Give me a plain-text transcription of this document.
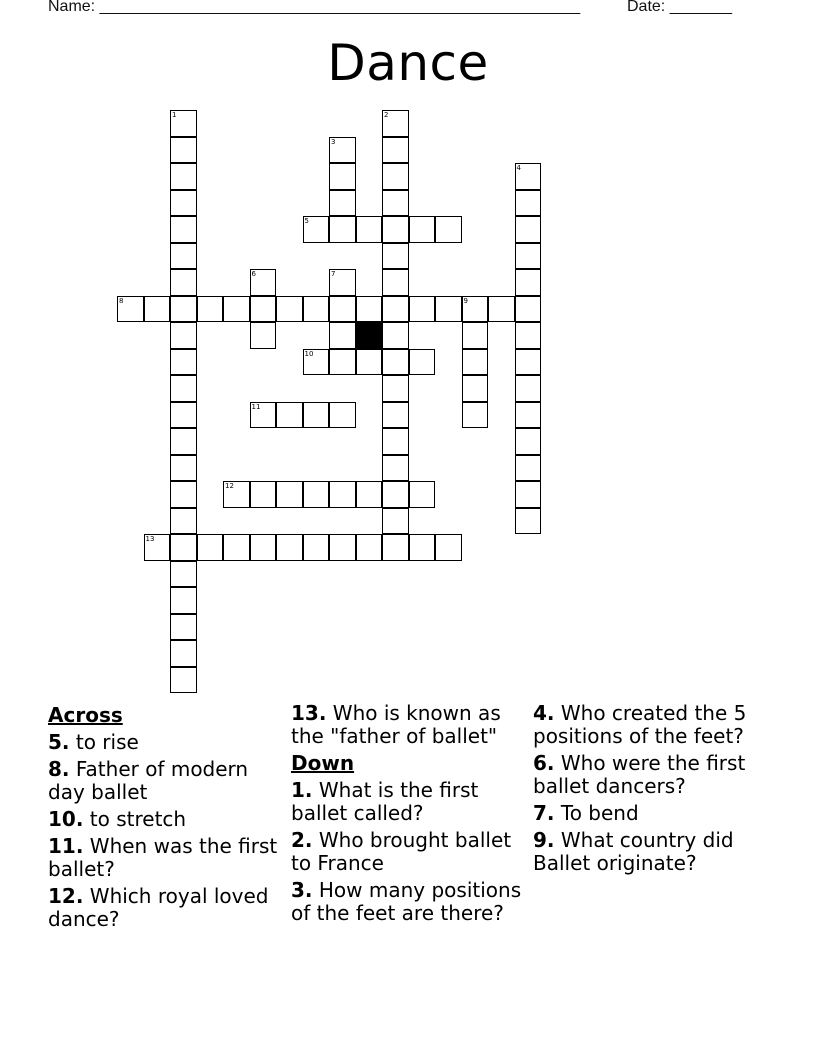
Name: ______________________________________________________	Date: _______
Dance
1	2
3
4
5
6	7
8	9
10
11
12
13
Across
5. to rise
8. Father of modern day ballet
10. to stretch
11. When was the first ballet?
12. Which royal loved dance?
13. Who is known as the "father of ballet"
Down
1. What is the first ballet called?
2. Who brought ballet to France
3. How many positions of the feet are there?
4. Who created the 5 positions of the feet?
6. Who were the first ballet dancers?
7. To bend
9. What country did Ballet originate?
